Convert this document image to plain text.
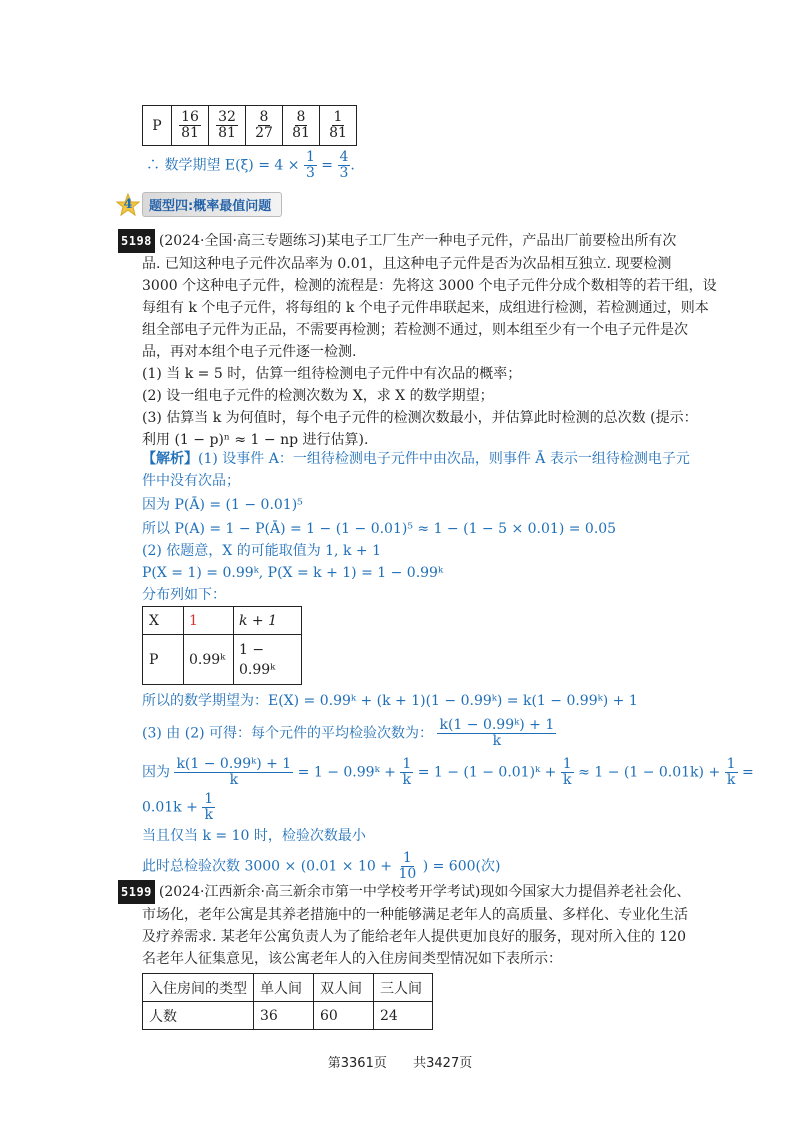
P	$\frac{16}{81}$	$\frac{32}{81}$	$\frac{8}{27}$	$\frac{8}{81}$	$\frac{1}{81}$
∴ 数学期望 $E(\xi) = 4 \times \frac{1}{3} = \frac{4}{3}$ .
4	题型四:概率最值问题
5198 (2024·全国·高三专题练习)某电子工厂生产一种电子元件，产品出厂前要检出所有次
品. 已知这种电子元件次品率为 0.01，且这种电子元件是否为次品相互独立. 现要检测
3000 个这种电子元件，检测的流程是：先将这 3000 个电子元件分成个数相等的若干组，设
每组有 k 个电子元件，将每组的 k 个电子元件串联起来，成组进行检测，若检测通过，则本
组全部电子元件为正品，不需要再检测；若检测不通过，则本组至少有一个电子元件是次
品，再对本组个电子元件逐一检测.
(1) 当 k = 5 时，估算一组待检测电子元件中有次品的概率；
(2) 设一组电子元件的检测次数为 X，求 X 的数学期望；
(3) 估算当 k 为何值时，每个电子元件的检测次数最小，并估算此时检测的总次数 (提示：
利用 (1 − p)ⁿ ≈ 1 − np 进行估算).
【解析】(1) 设事件 A：一组待检测电子元件中由次品，则事件 Ā 表示一组待检测电子元
件中没有次品；
因为 P(Ā) = (1 − 0.01)⁵
所以 P(A) = 1 − P(Ā) = 1 − (1 − 0.01)⁵ ≈ 1 − (1 − 5 × 0.01) = 0.05
(2) 依题意，X 的可能取值为 1, k + 1
P(X = 1) = 0.99ᵏ, P(X = k + 1) = 1 − 0.99ᵏ
分布列如下：
X	1	k + 1
P	0.99ᵏ	1 −
0.99ᵏ
所以的数学期望为：E(X) = 0.99ᵏ + (k + 1)(1 − 0.99ᵏ) = k(1 − 0.99ᵏ) + 1
(3) 由 (2) 可得：每个元件的平均检验次数为： $\frac{\text{k(1 − 0.99ᵏ) + 1}}{k}$
因为 $\frac{\text{k(1 − 0.99ᵏ) + 1}}{k} = 1$ − 0.99ᵏ + $\frac{1}{k} = 1 - (1$ − 0.01)ᵏ + $\frac{1}{k} \approx 1 - (1 - 0.01k) + \frac{1}{k}$ =
$0.01k + \frac{1}{k}$
当且仅当 k = 10 时，检验次数最小
此时总检验次数 $3000 \times (0.01 \times 10 + \frac{1}{10}$ ) = 600(次)
5199 (2024·江西新余·高三新余市第一中学校考开学考试)现如今国家大力提倡养老社会化、
市场化，老年公寓是其养老措施中的一种能够满足老年人的高质量、多样化、专业化生活
及疗养需求. 某老年公寓负责人为了能给老年人提供更加良好的服务，现对所入住的 120
名老年人征集意见，该公寓老年人的入住房间类型情况如下表所示：
入住房间的类型	单人间	双人间	三人间
人数	36	60	24
第3361页 共3427页
